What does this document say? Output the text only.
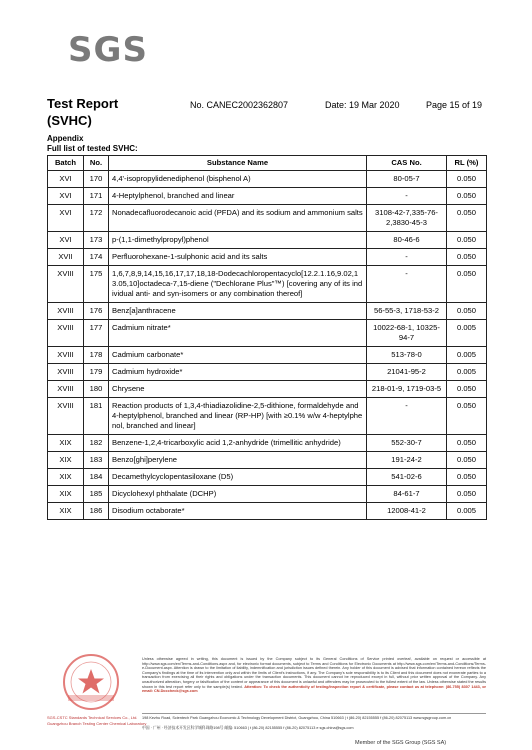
SGS
Test Report
(SVHC)
No. CANEC2002362807	Date: 19 Mar 2020	Page 15 of 19
Appendix
Full list of tested SVHC:
Batch	No.	Substance Name	CAS No.	RL (%)
XVI	170	4,4'-isopropylidenediphenol (bisphenol A)	80-05-7	0.050
XVI	171	4-Heptylphenol, branched and linear	-	0.050
XVI	172	Nonadecafluorodecanoic acid (PFDA) and its sodium and ammonium salts	3108-42-7,335-76-2,3830-45-3	0.050
XVI	173	p-(1,1-dimethylpropyl)phenol	80-46-6	0.050
XVII	174	Perfluorohexane-1-sulphonic acid and its salts	-	0.050
XVIII	175	1,6,7,8,9,14,15,16,17,17,18,18-Dodecachloropentacyclo[12.2.1.16,9.02,13.05,10]octadeca-7,15-diene ("Dechlorane Plus"™) [covering any of its individual anti- and syn-isomers or any combination thereof]	-	0.050
XVIII	176	Benz[a]anthracene	56-55-3, 1718-53-2	0.050
XVIII	177	Cadmium nitrate*	10022-68-1, 10325-94-7	0.005
XVIII	178	Cadmium carbonate*	513-78-0	0.005
XVIII	179	Cadmium hydroxide*	21041-95-2	0.005
XVIII	180	Chrysene	218-01-9, 1719-03-5	0.050
XVIII	181	Reaction products of 1,3,4-thiadiazolidine-2,5-dithione, formaldehyde and 4-heptylphenol, branched and linear (RP-HP) [with ≥0.1% w/w 4-heptylphenol, branched and linear]	-	0.050
XIX	182	Benzene-1,2,4-tricarboxylic acid 1,2-anhydride (trimellitic anhydride)	552-30-7	0.050
XIX	183	Benzo[ghi]perylene	191-24-2	0.050
XIX	184	Decamethylcyclopentasiloxane (D5)	541-02-6	0.050
XIX	185	Dicyclohexyl phthalate (DCHP)	84-61-7	0.050
XIX	186	Disodium octaborate*	12008-41-2	0.005
SGS-CSTC Standards Technical Services Co., Ltd.
Guangzhou Branch Testing Center Chemical Laboratory
Unless otherwise agreed in writing, this document is issued by the Company subject to its General Conditions of Service printed overleaf, available on request or accessible at http://www.sgs.com/en/Terms-and-Conditions.aspx and, for electronic format documents, subject to Terms and Conditions for Electronic Documents at http://www.sgs.com/en/Terms-and-Conditions/Terms-e-Document.aspx. Attention is drawn to the limitation of liability, indemnification and jurisdiction issues defined therein. Any holder of this document is advised that information contained hereon reflects the Company's findings at the time of its intervention only and within the limits of Client's instructions, if any. The Company's sole responsibility is to its Client and this document does not exonerate parties to a transaction from exercising all their rights and obligations under the transaction documents. This document cannot be reproduced except in full, without prior written approval of the Company. Any unauthorized alteration, forgery or falsification of the content or appearance of this document is unlawful and offenders may be prosecuted to the fullest extent of the law. Unless otherwise stated the results shown in this test report refer only to the sample(s) tested. Attention: To check the authenticity of testing/inspection report & certificate, please contact us at telephone: (86-755) 8307 1443, or email: CN.Doccheck@sgs.com
198 Kezhu Road, Scientech Park Guangzhou Economic & Technology Development District, Guangzhou, China 510663 | t (86-20) 82155555 f (86-20) 82075113 www.sgsgroup.com.cn
中国 · 广州 · 经济技术开发区科学城科珠路198号 邮编: 510663 | t (86-20) 82155555 f (86-20) 82075113 e sgs.china@sgs.com
Member of the SGS Group (SGS SA)
